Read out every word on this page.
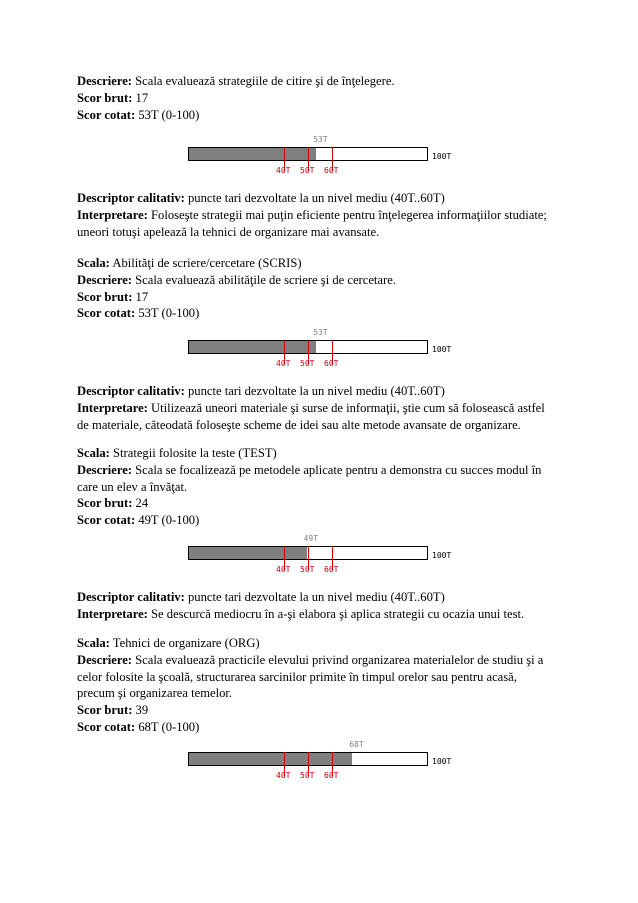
Descriere: Scala evaluează strategiile de citire şi de înţelegere.
Scor brut: 17
Scor cotat: 53T (0-100)
53T
40T 50T 60T
100T
Descriptor calitativ: puncte tari dezvoltate la un nivel mediu (40T..60T)
Interpretare: Foloseşte strategii mai puţin eficiente pentru înţelegerea informaţiilor studiate;
uneori totuşi apelează la tehnici de organizare mai avansate.
Scala: Abilităţi de scriere/cercetare (SCRIS)
Descriere: Scala evaluează abilităţile de scriere şi de cercetare.
Scor brut: 17
Scor cotat: 53T (0-100)
53T
40T 50T 60T
100T
Descriptor calitativ: puncte tari dezvoltate la un nivel mediu (40T..60T)
Interpretare: Utilizează uneori materiale şi surse de informaţii, ştie cum să folosească astfel
de materiale, câteodată foloseşte scheme de idei sau alte metode avansate de organizare.
Scala: Strategii folosite la teste (TEST)
Descriere: Scala se focalizează pe metodele aplicate pentru a demonstra cu succes modul în
care un elev a învăţat.
Scor brut: 24
Scor cotat: 49T (0-100)
49T
40T 50T 60T
100T
Descriptor calitativ: puncte tari dezvoltate la un nivel mediu (40T..60T)
Interpretare: Se descurcă mediocru în a-şi elabora şi aplica strategii cu ocazia unui test.
Scala: Tehnici de organizare (ORG)
Descriere: Scala evaluează practicile elevului privind organizarea materialelor de studiu şi a
celor folosite la şcoală, structurarea sarcinilor primite în timpul orelor sau pentru acasă,
precum şi organizarea temelor.
Scor brut: 39
Scor cotat: 68T (0-100)
68T
40T 50T 60T
100T
